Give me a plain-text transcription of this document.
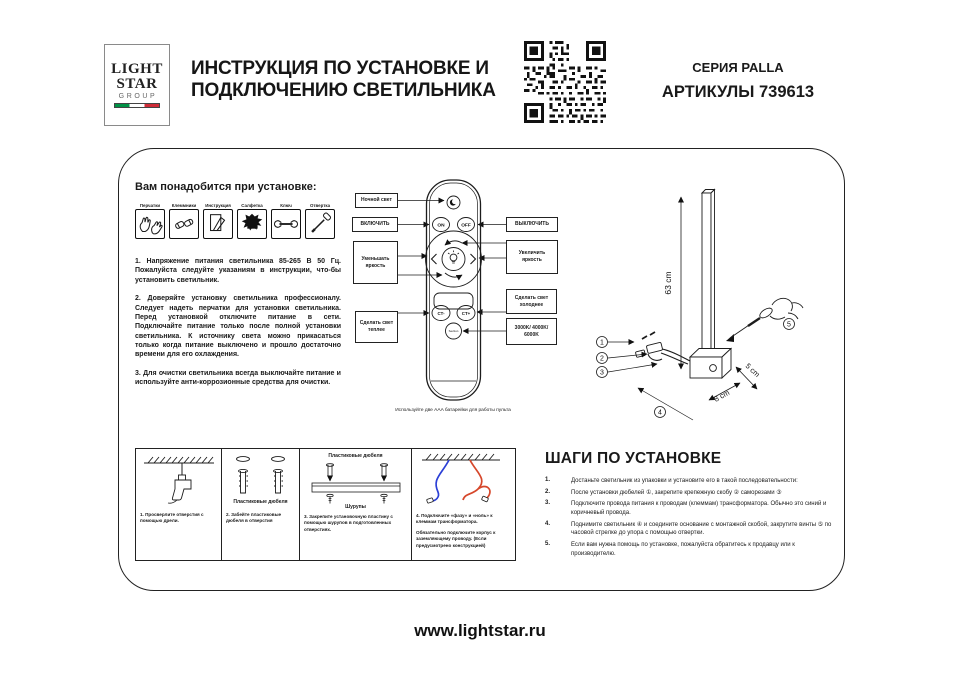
LIGHT
STAR
GROUP
ИНСТРУКЦИЯ ПО УСТАНОВКЕ И
ПОДКЛЮЧЕНИЮ СВЕТИЛЬНИКА
СЕРИЯ PALLA
АРТИКУЛЫ 739613
Вам понадобится при установке:
Перчатки	Клеммники Инструкция Салфетка	Ключ	Отвертка

1. Напряжение питания светильника 85-265 В 50 Гц. Пожалуйста следуйте указаниям в инструкции, что-бы установить светильник.

2. Доверяйте установку светильника профессионалу. Следует надеть перчатки для установки светильника. Перед установкой отключите питание в сети. Подключайте питание только после полной установки светильника. К источнику света можно прикасаться только когда питание выключено и прошло достаточно времени для его охлаждения.

3. Для очистки светильника всегда выключайте питание и используйте анти-коррозионные средства для очистки.

ON	OFF
CT-	CT+
Section
Ночной свет
ВКЛЮЧИТЬ
Уменьшать яркость
Сделать свет теплее
ВЫКЛЮЧИТЬ
Увеличить яркость
Сделать свет холоднее
3000K/ 4000K/ 6000K
Используйте две AAA батарейки для работы пульта
63 cm
1
2
3
4
5
8 cm
5 cm
1. Просверлите отверстия с помощью дрели.
Пластиковые дюбеля
2. Забейте пластиковые дюбеля в отверстия
Пластиковые дюбеля
Шурупы
3. Закрепите установочную пластину с помощью шурупов в подготовленных отверстиях.
4. Подключите «фазу» и «ноль» к клеммам трансформатора.
Обязательно подключите корпус к заземляющему проводу. (Если предусмотрено конструкцией)
ШАГИ ПО УСТАНОВКЕ
1.	Достаньте светильник из упаковки и установите его в такой последовательности:
2.	После установки дюбелей ①, закрепите крепежную скобу ② саморезами ③
3.	Подключите провода питания к проводам (клеммам) трансформатора. Обычно это синий и коричневый провода.
4.	Поднимите светильник ④ и соедините основание с монтажной скобой, закрутите винты ⑤ по часовой стрелке до упора с помощью отвертки.
5.	Если вам нужна помощь по установке, пожалуйста обратитесь к продавцу или к производителю.
www.lightstar.ru
